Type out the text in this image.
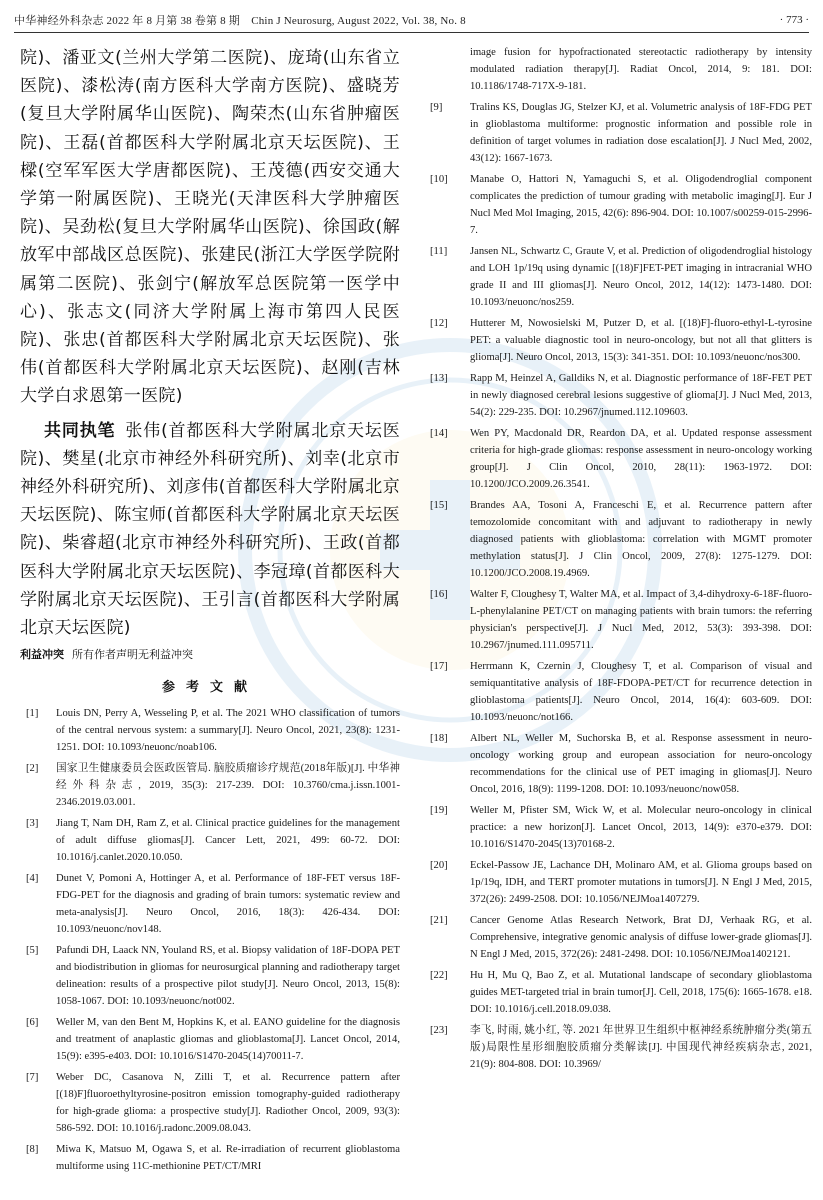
中华神经外科杂志 2022 年 8 月第 38 卷第 8 期　Chin J Neurosurg, August 2022, Vol. 38, No. 8	· 773 ·

院)、潘亚文(兰州大学第二医院)、庞琦(山东省立医院)、漆松涛(南方医科大学南方医院)、盛晓芳(复旦大学附属华山医院)、陶荣杰(山东省肿瘤医院)、王磊(首都医科大学附属北京天坛医院)、王樑(空军军医大学唐都医院)、王茂德(西安交通大学第一附属医院)、王晓光(天津医科大学肿瘤医院)、吴劲松(复旦大学附属华山医院)、徐国政(解放军中部战区总医院)、张建民(浙江大学医学院附属第二医院)、张剑宁(解放军总医院第一医学中心)、张志文(同济大学附属上海市第四人民医院)、张忠(首都医科大学附属北京天坛医院)、张伟(首都医科大学附属北京天坛医院)、赵刚(吉林大学白求恩第一医院)

共同执笔 张伟(首都医科大学附属北京天坛医院)、樊星(北京市神经外科研究所)、刘幸(北京市神经外科研究所)、刘彦伟(首都医科大学附属北京天坛医院)、陈宝师(首都医科大学附属北京天坛医院)、柴睿超(北京市神经外科研究所)、王政(首都医科大学附属北京天坛医院)、李冠璋(首都医科大学附属北京天坛医院)、王引言(首都医科大学附属北京天坛医院)

利益冲突 所有作者声明无利益冲突

参考文献
[1]	Louis DN, Perry A, Wesseling P, et al. The 2021 WHO classification of tumors of the central nervous system: a summary[J]. Neuro Oncol, 2021, 23(8): 1231-1251. DOI: 10.1093/neuonc/noab106.
[2]	国家卫生健康委员会医政医管局. 脑胶质瘤诊疗规范(2018年版)[J]. 中华神经外科杂志, 2019, 35(3): 217-239. DOI: 10.3760/cma.j.issn.1001-2346.2019.03.001.
[3]	Jiang T, Nam DH, Ram Z, et al. Clinical practice guidelines for the management of adult diffuse gliomas[J]. Cancer Lett, 2021, 499: 60-72. DOI: 10.1016/j.canlet.2020.10.050.
[4]	Dunet V, Pomoni A, Hottinger A, et al. Performance of 18F-FET versus 18F-FDG-PET for the diagnosis and grading of brain tumors: systematic review and meta-analysis[J]. Neuro Oncol, 2016, 18(3): 426-434. DOI: 10.1093/neuonc/nov148.
[5]	Pafundi DH, Laack NN, Youland RS, et al. Biopsy validation of 18F-DOPA PET and biodistribution in gliomas for neurosurgical planning and radiotherapy target delineation: results of a prospective pilot study[J]. Neuro Oncol, 2013, 15(8): 1058-1067. DOI: 10.1093/neuonc/not002.
[6]	Weller M, van den Bent M, Hopkins K, et al. EANO guideline for the diagnosis and treatment of anaplastic gliomas and glioblastoma[J]. Lancet Oncol, 2014, 15(9): e395-e403. DOI: 10.1016/S1470-2045(14)70011-7.
[7]	Weber DC, Casanova N, Zilli T, et al. Recurrence pattern after [(18)F]fluoroethyltyrosine-positron emission tomography-guided radiotherapy for high-grade glioma: a prospective study[J]. Radiother Oncol, 2009, 93(3): 586-592. DOI: 10.1016/j.radonc.2009.08.043.
[8]	Miwa K, Matsuo M, Ogawa S, et al. Re-irradiation of recurrent glioblastoma multiforme using 11C-methionine PET/CT/MRI
image fusion for hypofractionated stereotactic radiotherapy by intensity modulated radiation therapy[J]. Radiat Oncol, 2014, 9: 181. DOI: 10.1186/1748-717X-9-181.
[9]	Tralins KS, Douglas JG, Stelzer KJ, et al. Volumetric analysis of 18F-FDG PET in glioblastoma multiforme: prognostic information and possible role in definition of target volumes in radiation dose escalation[J]. J Nucl Med, 2002, 43(12): 1667-1673.
[10]	Manabe O, Hattori N, Yamaguchi S, et al. Oligodendroglial component complicates the prediction of tumour grading with metabolic imaging[J]. Eur J Nucl Med Mol Imaging, 2015, 42(6): 896-904. DOI: 10.1007/s00259-015-2996-7.
[11]	Jansen NL, Schwartz C, Graute V, et al. Prediction of oligodendroglial histology and LOH 1p/19q using dynamic [(18)F]FET-PET imaging in intracranial WHO grade II and III gliomas[J]. Neuro Oncol, 2012, 14(12): 1473-1480. DOI: 10.1093/neuonc/nos259.
[12]	Hutterer M, Nowosielski M, Putzer D, et al. [(18)F]-fluoro-ethyl-L-tyrosine PET: a valuable diagnostic tool in neuro-oncology, but not all that glitters is glioma[J]. Neuro Oncol, 2013, 15(3): 341-351. DOI: 10.1093/neuonc/nos300.
[13]	Rapp M, Heinzel A, Galldiks N, et al. Diagnostic performance of 18F-FET PET in newly diagnosed cerebral lesions suggestive of glioma[J]. J Nucl Med, 2013, 54(2): 229-235. DOI: 10.2967/jnumed.112.109603.
[14]	Wen PY, Macdonald DR, Reardon DA, et al. Updated response assessment criteria for high-grade gliomas: response assessment in neuro-oncology working group[J]. J Clin Oncol, 2010, 28(11): 1963-1972. DOI: 10.1200/JCO.2009.26.3541.
[15]	Brandes AA, Tosoni A, Franceschi E, et al. Recurrence pattern after temozolomide concomitant with and adjuvant to radiotherapy in newly diagnosed patients with glioblastoma: correlation with MGMT promoter methylation status[J]. J Clin Oncol, 2009, 27(8): 1275-1279. DOI: 10.1200/JCO.2008.19.4969.
[16]	Walter F, Cloughesy T, Walter MA, et al. Impact of 3,4-dihydroxy-6-18F-fluoro-L-phenylalanine PET/CT on managing patients with brain tumors: the referring physician's perspective[J]. J Nucl Med, 2012, 53(3): 393-398. DOI: 10.2967/jnumed.111.095711.
[17]	Herrmann K, Czernin J, Cloughesy T, et al. Comparison of visual and semiquantitative analysis of 18F-FDOPA-PET/CT for recurrence detection in glioblastoma patients[J]. Neuro Oncol, 2014, 16(4): 603-609. DOI: 10.1093/neuonc/not166.
[18]	Albert NL, Weller M, Suchorska B, et al. Response assessment in neuro-oncology working group and european association for neuro-oncology recommendations for the clinical use of PET imaging in gliomas[J]. Neuro Oncol, 2016, 18(9): 1199-1208. DOI: 10.1093/neuonc/now058.
[19]	Weller M, Pfister SM, Wick W, et al. Molecular neuro-oncology in clinical practice: a new horizon[J]. Lancet Oncol, 2013, 14(9): e370-e379. DOI: 10.1016/S1470-2045(13)70168-2.
[20]	Eckel-Passow JE, Lachance DH, Molinaro AM, et al. Glioma groups based on 1p/19q, IDH, and TERT promoter mutations in tumors[J]. N Engl J Med, 2015, 372(26): 2499-2508. DOI: 10.1056/NEJMoa1407279.
[21]	Cancer Genome Atlas Research Network, Brat DJ, Verhaak RG, et al. Comprehensive, integrative genomic analysis of diffuse lower-grade gliomas[J]. N Engl J Med, 2015, 372(26): 2481-2498. DOI: 10.1056/NEJMoa1402121.
[22]	Hu H, Mu Q, Bao Z, et al. Mutational landscape of secondary glioblastoma guides MET-targeted trial in brain tumor[J]. Cell, 2018, 175(6): 1665-1678. e18. DOI: 10.1016/j.cell.2018.09.038.
[23]	李飞, 时雨, 姚小红, 等. 2021 年世界卫生组织中枢神经系统肿瘤分类(第五版)局限性星形细胞胶质瘤分类解读[J]. 中国现代神经疾病杂志, 2021, 21(9): 804-808. DOI: 10.3969/
